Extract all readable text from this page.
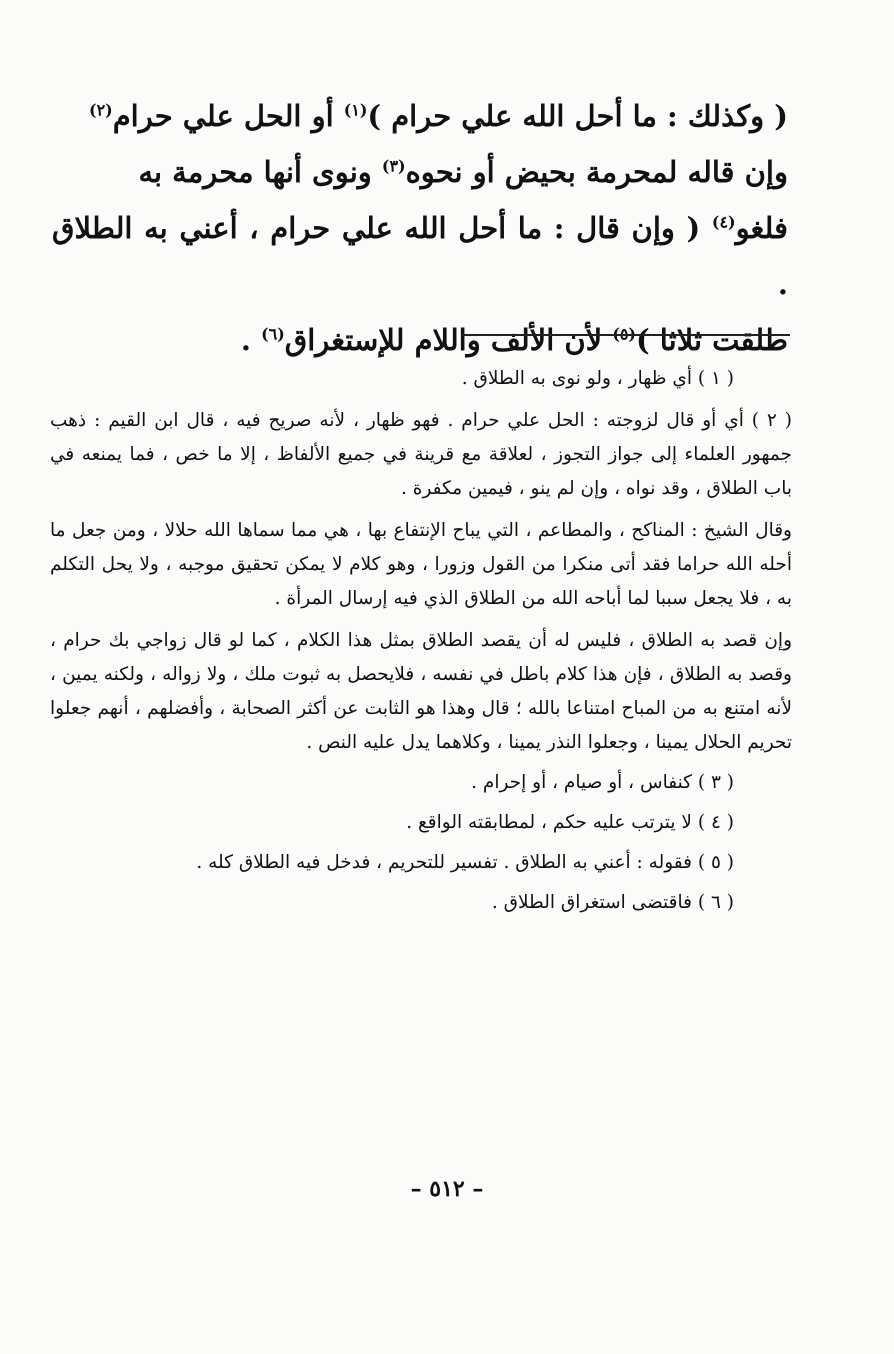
( وكذلك : ما أحل الله علي حرام )$^{(١)}$ أو الحل علي حرام$^{(٢)}$

وإن قاله لمحرمة بحيض أو نحوه$^{(٣)}$ ونوى أنها محرمة به

فلغو$^{(٤)}$ ( وإن قال : ما أحل الله علي حرام ، أعني به الطلاق .

طلقت ثلاثا )$^{(٥)}$ لأن الألف واللام للإستغراق$^{(٦)}$ .

( ١ ) أي ظهار ، ولو نوى به الطلاق .

( ٢ ) أي أو قال لزوجته : الحل علي حرام . فهو ظهار ، لأنه صريح فيه ، قال ابن القيم : ذهب جمهور العلماء إلى جواز التجوز ، لعلاقة مع قرينة في جميع الألفاظ ، إلا ما خص ، فما يمنعه في باب الطلاق ، وقد نواه ، وإن لم ينو ، فيمين مكفرة .

وقال الشيخ : المناكح ، والمطاعم ، التي يباح الإنتفاع بها ، هي مما سماها الله حلالا ، ومن جعل ما أحله الله حراما فقد أتى منكرا من القول وزورا ، وهو كلام لا يمكن تحقيق موجبه ، ولا يحل التكلم به ، فلا يجعل سببا لما أباحه الله من الطلاق الذي فيه إرسال المرأة .

وإن قصد به الطلاق ، فليس له أن يقصد الطلاق بمثل هذا الكلام ، كما لو قال زواجي بك حرام ، وقصد به الطلاق ، فإن هذا كلام باطل في نفسه ، فلايحصل به ثبوت ملك ، ولا زواله ، ولكنه يمين ، لأنه امتنع به من المباح امتناعا بالله ؛ قال وهذا هو الثابت عن أكثر الصحابة ، وأفضلهم ، أنهم جعلوا تحريم الحلال يمينا ، وجعلوا النذر يمينا ، وكلاهما يدل عليه النص .

( ٣ ) كنفاس ، أو صيام ، أو إحرام .

( ٤ ) لا يترتب عليه حكم ، لمطابقته الواقع .

( ٥ ) فقوله : أعني به الطلاق . تفسير للتحريم ، فدخل فيه الطلاق كله .

( ٦ ) فاقتضى استغراق الطلاق .

– ٥١٢ –
